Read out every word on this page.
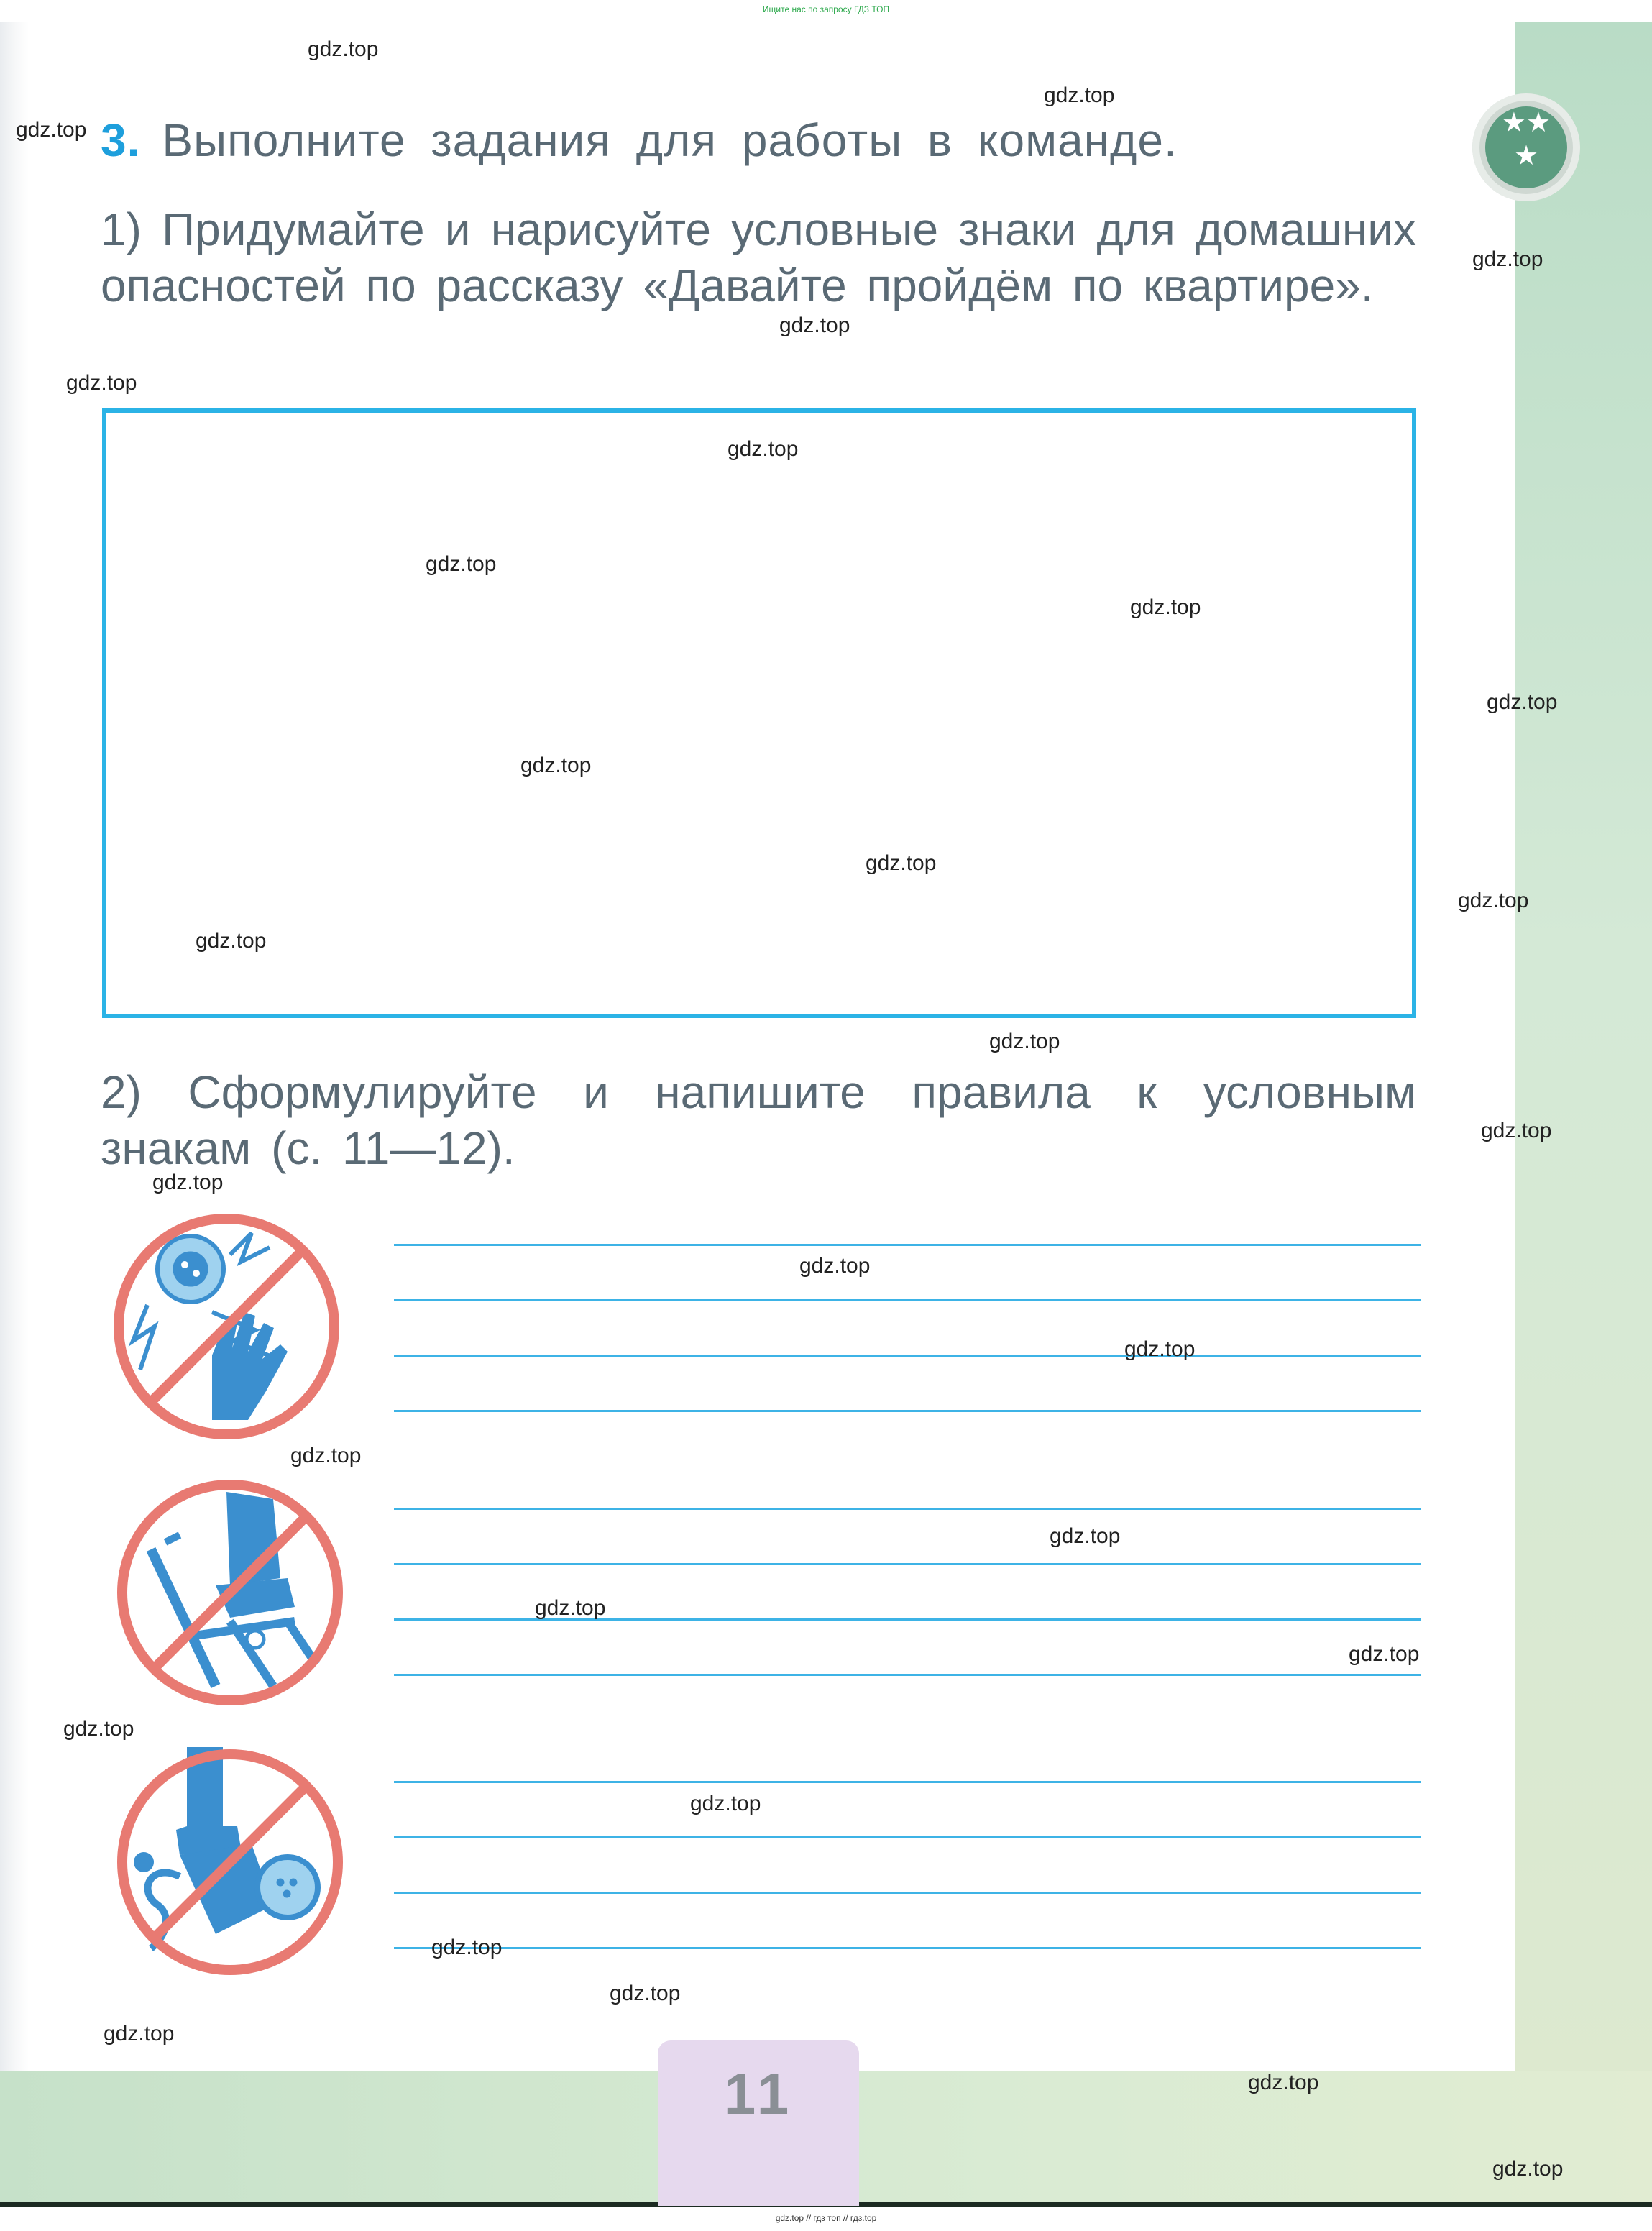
Ищите нас по запросу ГДЗ ТОП
3. Выполните задания для работы в команде.	★★
★
1) Придумайте и нарисуйте условные знаки для домашних опасностей по рассказу «Давайте пройдём по квартире».
2) Сформулируйте и напишите правила к условным знакам (с. 11—12).
11
gdz.top
gdz.top
gdz.top
gdz.top
gdz.top
gdz.top
gdz.top
gdz.top
gdz.top
gdz.top
gdz.top
gdz.top
gdz.top
gdz.top
gdz.top
gdz.top
gdz.top
gdz.top
gdz.top
gdz.top
gdz.top
gdz.top
gdz.top
gdz.top
gdz.top
gdz.top
gdz.top
gdz.top
gdz.top
gdz.top
gdz.top // гдз топ // гдз.top
